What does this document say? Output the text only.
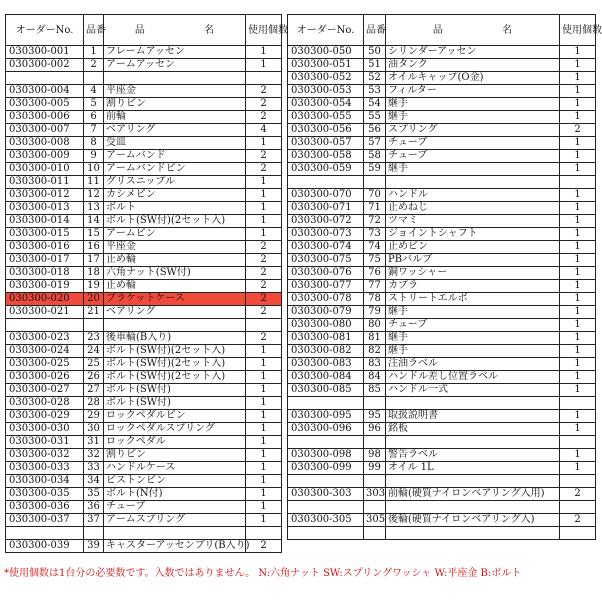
オーダーNo.	品番	品 名	使用個数
030300-001	1	フレームアッセン	1
030300-002	2	アームアッセン	1

030300-004	4	平座金	2
030300-005	5	割りピン	2
030300-006	6	前輪	2
030300-007	7	ベアリング	4
030300-008	8	受皿	1
030300-009	9	アームバンド	2
030300-010	10	アームバンドピン	2
030300-011	11	グリスニップル	1
030300-012	12	カシメピン	1
030300-013	13	ボルト	1
030300-014	14	ボルト(SW付)(2セット入)	1
030300-015	15	アームピン	1
030300-016	16	平座金	2
030300-017	17	止め輪	2
030300-018	18	六角ナット(SW付)	2
030300-019	19	止め輪	2
030300-020	20	ブラケットケース	2
030300-021	21	ベアリング	2

030300-023	23	後車輪(B入り)	2
030300-024	24	ボルト(SW付)(2セット入)	1
030300-025	25	ボルト(SW付)(2セット入)	1
030300-026	26	ボルト(SW付)(2セット入)	1
030300-027	27	ボルト(SW付)	1
030300-028	28	ボルト(SW付)	1
030300-029	29	ロックペダルピン	1
030300-030	30	ロックペダルスプリング	1
030300-031	31	ロックペダル	1
030300-032	32	割りピン	1
030300-033	33	ハンドルケース	1
030300-034	34	ピストンピン	1
030300-035	35	ボルト(N付)	1
030300-036	36	チューブ	1
030300-037	37	アームスプリング	1

030300-039	39	キャスターアッセンブリ(B入り)	2
オーダーNo.	品番	品 名	使用個数
030300-050	50	シリンダーアッセン	1
030300-051	51	油タンク	1
030300-052	52	オイルキャップ(O金)	1
030300-053	53	フィルター	1
030300-054	54	継手	1
030300-055	55	継手	1
030300-056	56	スプリング	2
030300-057	57	チューブ	1
030300-058	58	チューブ	1
030300-059	59	継手	1

030300-070	70	ハンドル	1
030300-071	71	止めねじ	1
030300-072	72	ツマミ	1
030300-073	73	ジョイントシャフト	1
030300-074	74	止めピン	1
030300-075	75	PBバルブ	1
030300-076	76	銅ワッシャー	1
030300-077	77	カプラ	1
030300-078	78	ストリートエルボ	1
030300-079	79	継手	1
030300-080	80	チューブ	1
030300-081	81	継手	1
030300-082	82	継手	1
030300-083	83	注油ラベル	1
030300-084	84	ハンドル差し位置ラベル	1
030300-085	85	ハンドル一式	1

030300-095	95	取扱説明書	1
030300-096	96	銘板	1

030300-098	98	警告ラベル	1
030300-099	99	オイル 1L	1

030300-303	303	前輪(硬質ナイロンベアリング入用)	2

030300-305	305	後輪(硬質ナイロンベアリング入)	2

*使用個数は1台分の必要数です。入数ではありません。 N:六角ナット SW:スプリングワッシャ W:平座金 B:ボルト
